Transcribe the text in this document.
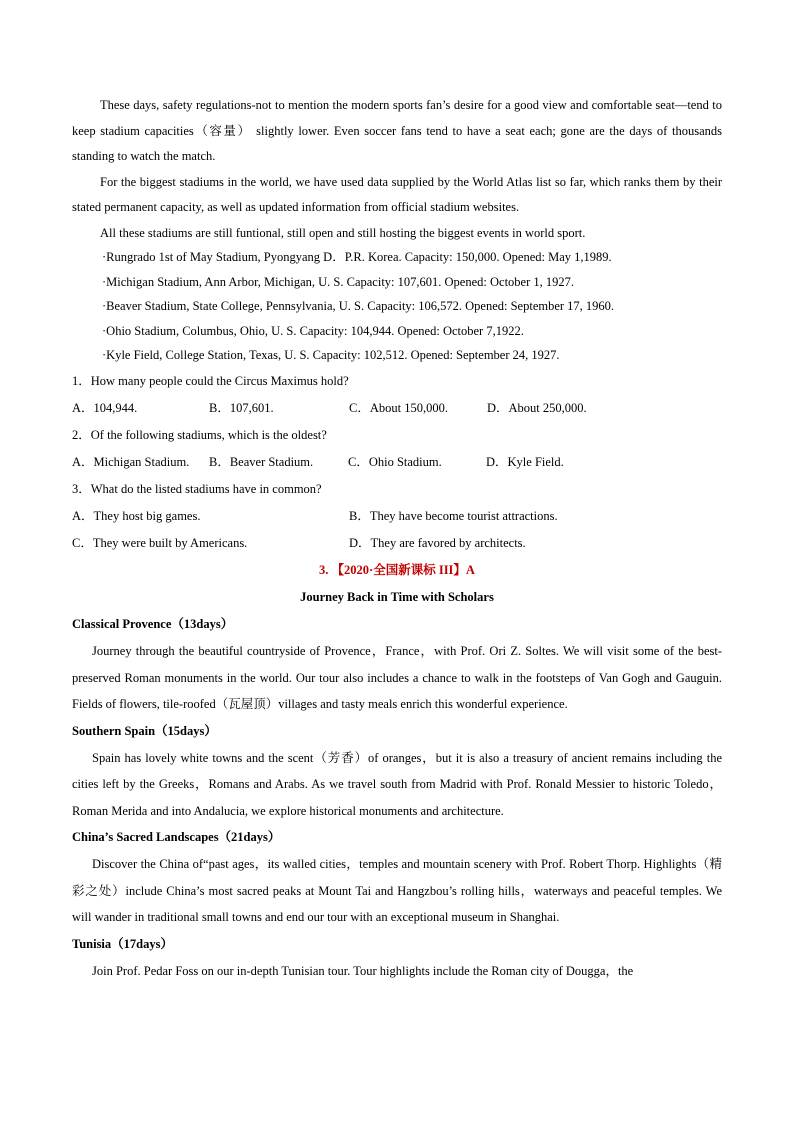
These days, safety regulations-not to mention the modern sports fan’s desire for a good view and comfortable seat—tend to keep stadium capacities（容量） slightly lower. Even soccer fans tend to have a seat each; gone are the days of thousands standing to watch the match.

For the biggest stadiums in the world, we have used data supplied by the World Atlas list so far, which ranks them by their stated permanent capacity, as well as updated information from official stadium websites.

All these stadiums are still funtional, still open and still hosting the biggest events in world sport.

·Rungrado 1st of May Stadium, Pyongyang D．P.R. Korea. Capacity: 150,000. Opened: May 1,1989.

·Michigan Stadium, Ann Arbor, Michigan, U. S. Capacity: 107,601. Opened: October 1, 1927.

·Beaver Stadium, State College, Pennsylvania, U. S. Capacity: 106,572. Opened: September 17, 1960.

·Ohio Stadium, Columbus, Ohio, U. S. Capacity: 104,944. Opened: October 7,1922.

·Kyle Field, College Station, Texas, U. S. Capacity: 102,512. Opened: September 24, 1927.

1．How many people could the Circus Maximus hold?

A．104,944.	B．107,601.	C．About 150,000.	D．About 250,000.

2．Of the following stadiums, which is the oldest?

A．Michigan Stadium.	B．Beaver Stadium.	C．Ohio Stadium.	D．Kyle Field.

3．What do the listed stadiums have in common?

A．They host big games.	B．They have become tourist attractions.
C．They were built by Americans.	D．They are favored by architects.

3. 【2020·全国新课标 III】A

Journey Back in Time with Scholars

Classical Provence（13days）

Journey through the beautiful countryside of Provence，France，with Prof. Ori Z. Soltes. We will visit some of the best-preserved Roman monuments in the world. Our tour also includes a chance to walk in the footsteps of Van Gogh and Gauguin. Fields of flowers, tile-roofed（瓦屋顶）villages and tasty meals enrich this wonderful experience.

Southern Spain（15days）

Spain has lovely white towns and the scent（芳香）of oranges，but it is also a treasury of ancient remains including the cities left by the Greeks，Romans and Arabs. As we travel south from Madrid with Prof. Ronald Messier to historic Toledo，Roman Merida and into Andalucia, we explore historical monuments and architecture.

China’s Sacred Landscapes（21days）

Discover the China of“past ages，its walled cities，temples and mountain scenery with Prof. Robert Thorp. Highlights（精彩之处）include China’s most sacred peaks at Mount Tai and Hangzbou’s rolling hills，waterways and peaceful temples. We will wander in traditional small towns and end our tour with an exceptional museum in Shanghai.

Tunisia（17days）

Join Prof. Pedar Foss on our in-depth Tunisian tour. Tour highlights include the Roman city of Dougga，the
